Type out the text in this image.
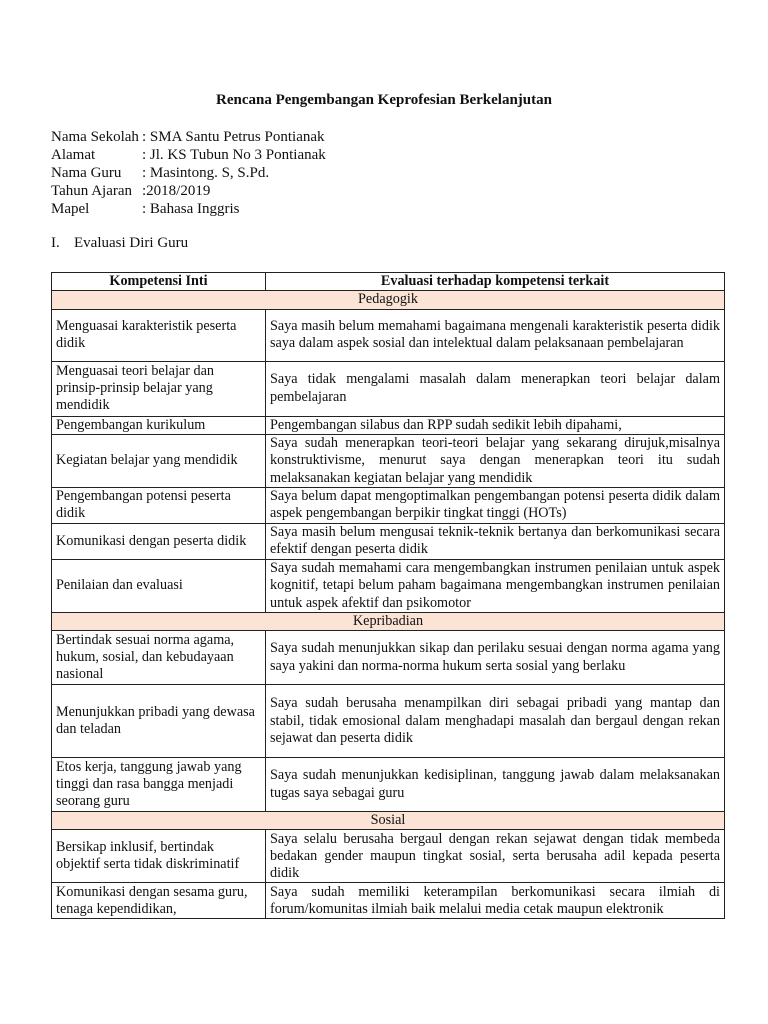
Rencana Pengembangan Keprofesian Berkelanjutan
Nama Sekolah : SMA Santu Petrus Pontianak
Alamat	: Jl. KS Tubun No 3 Pontianak
Nama Guru	: Masintong. S, S.Pd.
Tahun Ajaran :2018/2019
Mapel	: Bahasa Inggris
I. Evaluasi Diri Guru
Kompetensi Inti	Evaluasi terhadap kompetensi terkait
Pedagogik	
Menguasai karakteristik peserta didik	Saya masih belum memahami bagaimana mengenali karakteristik peserta didik saya dalam aspek sosial dan intelektual dalam pelaksanaan pembelajaran
Menguasai teori belajar dan prinsip-prinsip belajar yang mendidik	Saya tidak mengalami masalah dalam menerapkan teori belajar dalam pembelajaran
Pengembangan kurikulum	Pengembangan silabus dan RPP sudah sedikit lebih dipahami,
Kegiatan belajar yang mendidik	Saya sudah menerapkan teori-teori belajar yang sekarang dirujuk,misalnya konstruktivisme, menurut saya dengan menerapkan teori itu sudah melaksanakan kegiatan belajar yang mendidik
Pengembangan potensi peserta didik	Saya belum dapat mengoptimalkan pengembangan potensi peserta didik dalam aspek pengembangan berpikir tingkat tinggi (HOTs)
Komunikasi dengan peserta didik	Saya masih belum mengusai teknik-teknik bertanya dan berkomunikasi secara efektif dengan peserta didik
Penilaian dan evaluasi	Saya sudah memahami cara mengembangkan instrumen penilaian untuk aspek kognitif, tetapi belum paham bagaimana mengembangkan instrumen penilaian untuk aspek afektif dan psikomotor
Kepribadian	
Bertindak sesuai norma agama, hukum, sosial, dan kebudayaan nasional	Saya sudah menunjukkan sikap dan perilaku sesuai dengan norma agama yang saya yakini dan norma-norma hukum serta sosial yang berlaku
Menunjukkan pribadi yang dewasa dan teladan	Saya sudah berusaha menampilkan diri sebagai pribadi yang mantap dan stabil, tidak emosional dalam menghadapi masalah dan bergaul dengan rekan sejawat dan peserta didik
Etos kerja, tanggung jawab yang tinggi dan rasa bangga menjadi seorang guru	Saya sudah menunjukkan kedisiplinan, tanggung jawab dalam melaksanakan tugas saya sebagai guru
Sosial	
Bersikap inklusif, bertindak objektif serta tidak diskriminatif	Saya selalu berusaha bergaul dengan rekan sejawat dengan tidak membeda bedakan gender maupun tingkat sosial, serta berusaha adil kepada peserta didik
Komunikasi dengan sesama guru, tenaga kependidikan,	Saya sudah memiliki keterampilan berkomunikasi secara ilmiah di forum/komunitas ilmiah baik melalui media cetak maupun elektronik
